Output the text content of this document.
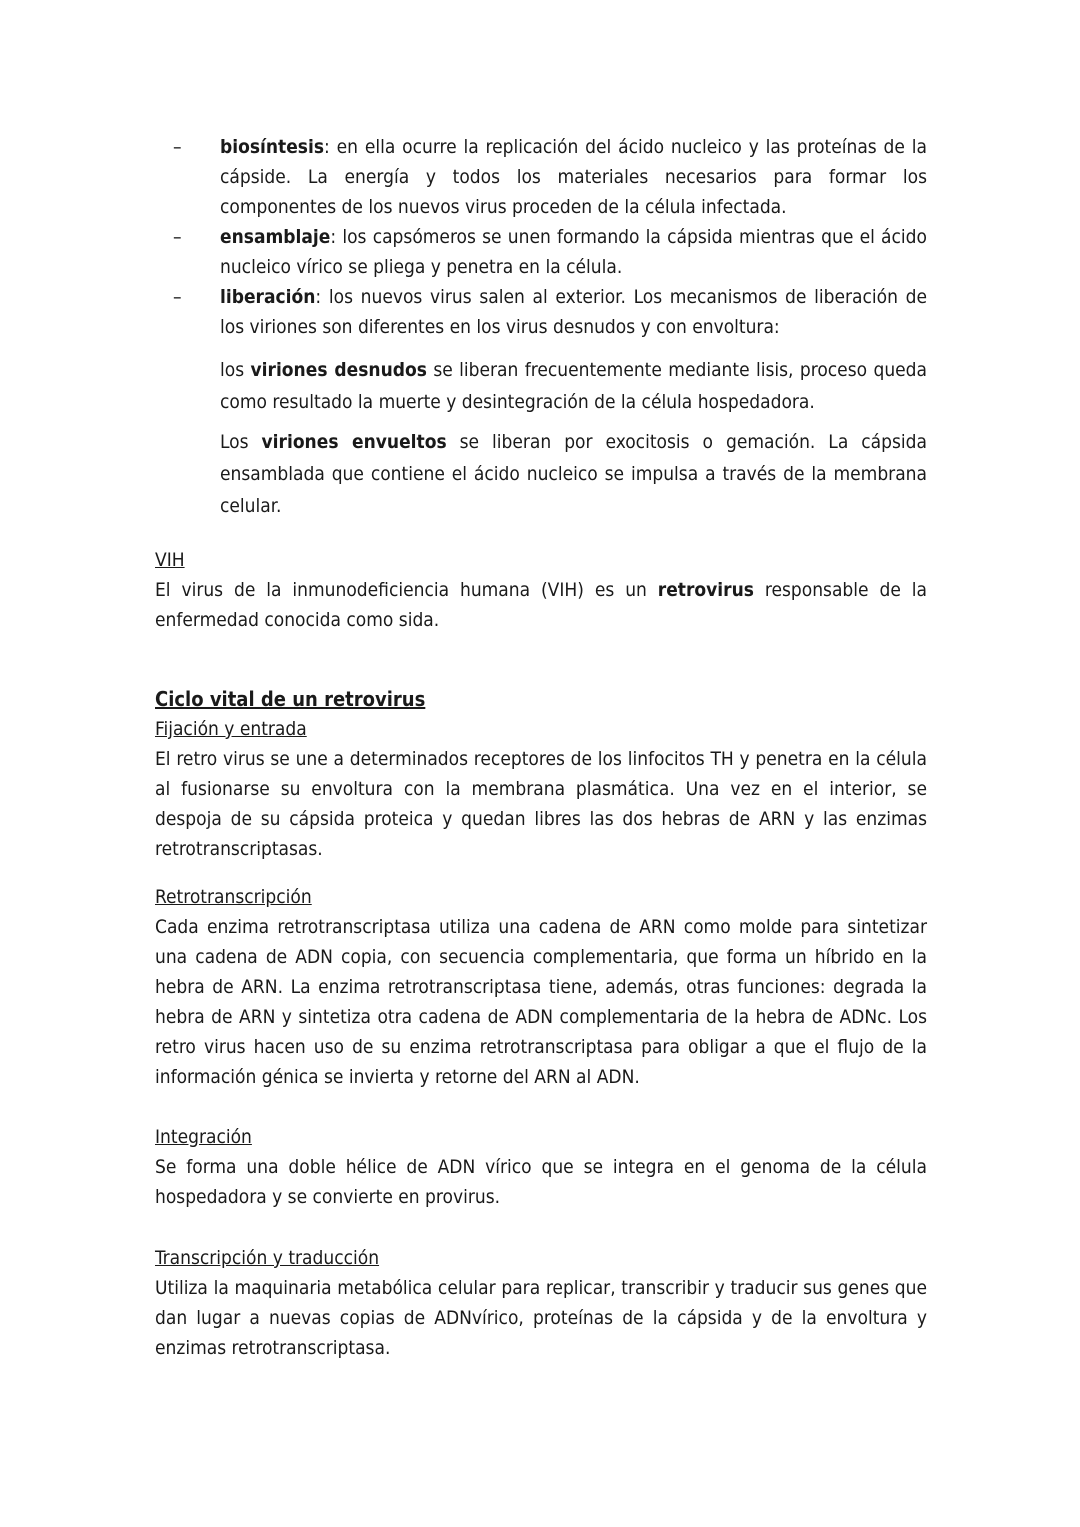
– biosíntesis: en ella ocurre la replicación del ácido nucleico y las proteínas de la cápside. La energía y todos los materiales necesarios para formar los componentes de los nuevos virus proceden de la célula infectada.
– ensamblaje: los capsómeros se unen formando la cápsida mientras que el ácido nucleico vírico se pliega y penetra en la célula.
– liberación: los nuevos virus salen al exterior. Los mecanismos de liberación de los viriones son diferentes en los virus desnudos y con envoltura:

los viriones desnudos se liberan frecuentemente mediante lisis, proceso queda como resultado la muerte y desintegración de la célula hospedadora.

Los viriones envueltos se liberan por exocitosis o gemación. La cápsida ensamblada que contiene el ácido nucleico se impulsa a través de la membrana celular.

VIH

El virus de la inmunodeficiencia humana (VIH) es un retrovirus responsable de la enfermedad conocida como sida.

Ciclo vital de un retrovirus

Fijación y entrada

El retro virus se une a determinados receptores de los linfocitos TH y penetra en la célula al fusionarse su envoltura con la membrana plasmática. Una vez en el interior, se despoja de su cápsida proteica y quedan libres las dos hebras de ARN y las enzimas retrotranscriptasas.

Retrotranscripción

Cada enzima retrotranscriptasa utiliza una cadena de ARN como molde para sintetizar una cadena de ADN copia, con secuencia complementaria, que forma un híbrido en la hebra de ARN. La enzima retrotranscriptasa tiene, además, otras funciones: degrada la hebra de ARN y sintetiza otra cadena de ADN complementaria de la hebra de ADNc. Los retro virus hacen uso de su enzima retrotranscriptasa para obligar a que el flujo de la información génica se invierta y retorne del ARN al ADN.

Integración

Se forma una doble hélice de ADN vírico que se integra en el genoma de la célula hospedadora y se convierte en provirus.

Transcripción y traducción

Utiliza la maquinaria metabólica celular para replicar, transcribir y traducir sus genes que dan lugar a nuevas copias de ADNvírico, proteínas de la cápsida y de la envoltura y enzimas retrotranscriptasa.
